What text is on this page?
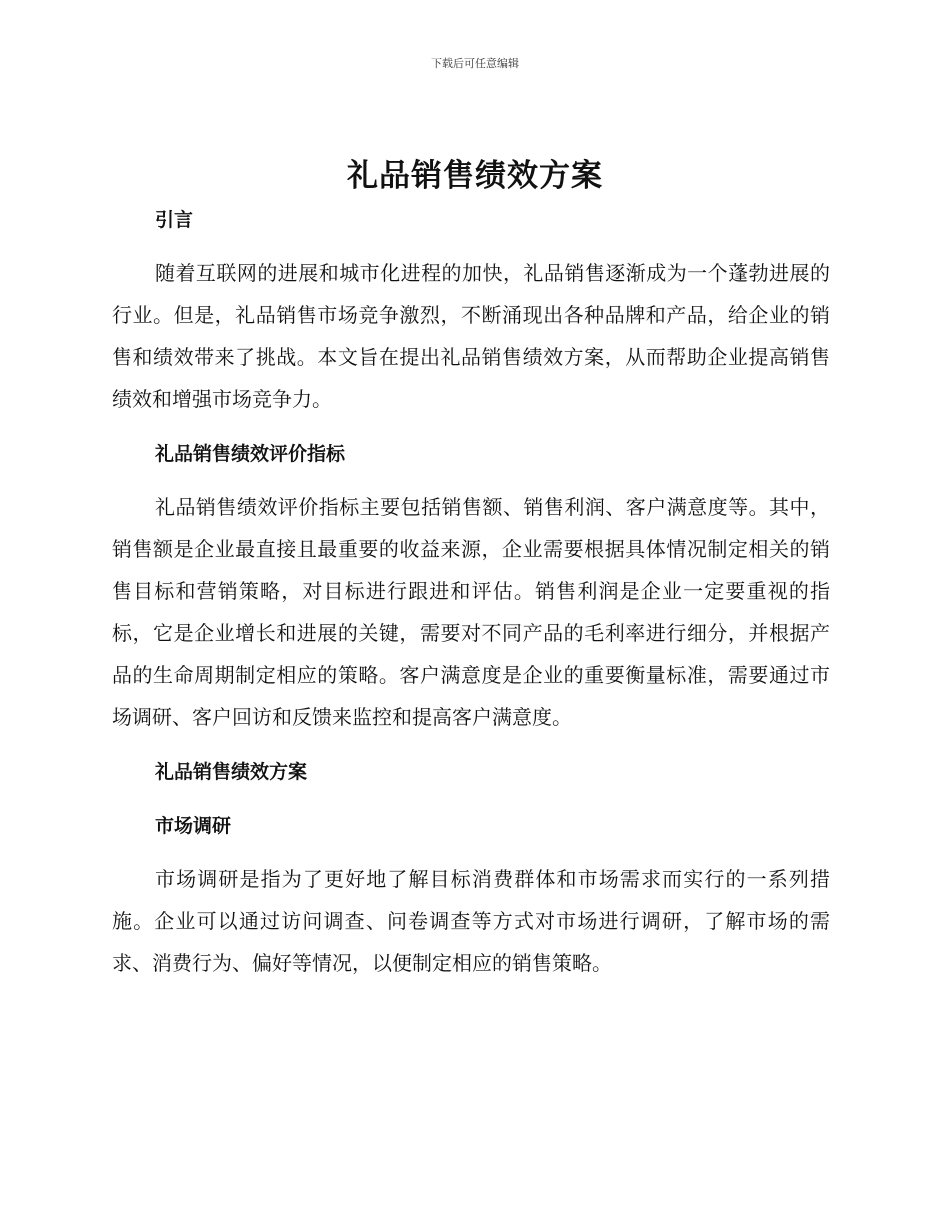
下载后可任意编辑
礼品销售绩效方案
引言

随着互联网的进展和城市化进程的加快，礼品销售逐渐成为一个蓬勃进展的行业。但是，礼品销售市场竞争激烈，不断涌现出各种品牌和产品，给企业的销售和绩效带来了挑战。本文旨在提出礼品销售绩效方案，从而帮助企业提高销售绩效和增强市场竞争力。

礼品销售绩效评价指标

礼品销售绩效评价指标主要包括销售额、销售利润、客户满意度等。其中，销售额是企业最直接且最重要的收益来源，企业需要根据具体情况制定相关的销售目标和营销策略，对目标进行跟进和评估。销售利润是企业一定要重视的指标，它是企业增长和进展的关键，需要对不同产品的毛利率进行细分，并根据产品的生命周期制定相应的策略。客户满意度是企业的重要衡量标准，需要通过市场调研、客户回访和反馈来监控和提高客户满意度。

礼品销售绩效方案
市场调研

市场调研是指为了更好地了解目标消费群体和市场需求而实行的一系列措施。企业可以通过访问调查、问卷调查等方式对市场进行调研，了解市场的需求、消费行为、偏好等情况，以便制定相应的销售策略。
